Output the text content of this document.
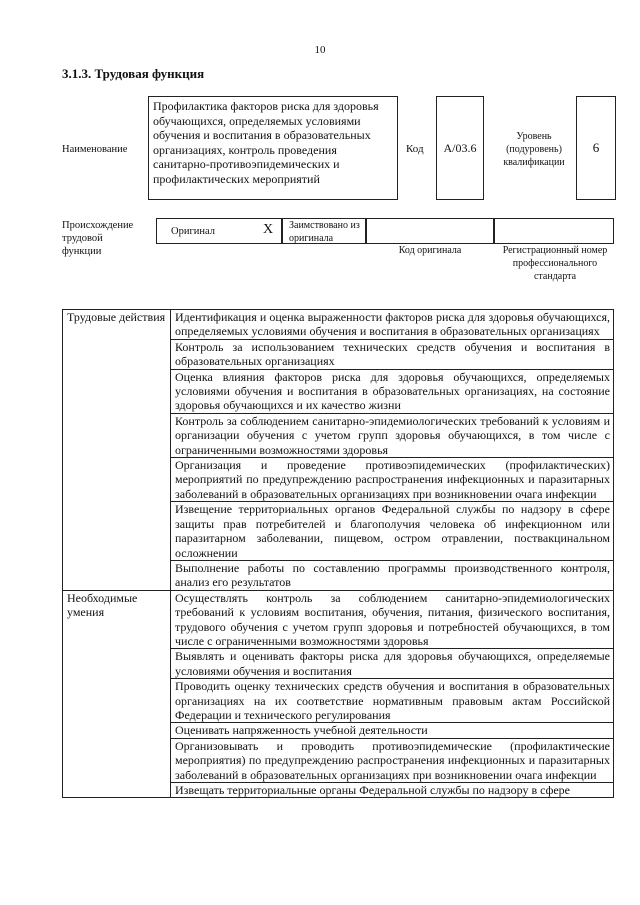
10
3.1.3. Трудовая функция
Наименование
Профилактика факторов риска для здоровья обучающихся, определяемых условиями обучения и воспитания в образовательных организациях, контроль проведения санитарно-противоэпидемических и профилактических мероприятий
Код	A/03.6
Уровень (подуровень) квалификации
6
Происхождение трудовой функции
Оригинал	X Заимствовано из оригинала
Код оригинала	Регистрационный номер профессионального стандарта
Трудовые действия	Идентификация и оценка выраженности факторов риска для здоровья обучающихся, определяемых условиями обучения и воспитания в образовательных организациях
	Контроль за использованием технических средств обучения и воспитания в образовательных организациях
	Оценка влияния факторов риска для здоровья обучающихся, определяемых условиями обучения и воспитания в образовательных организациях, на состояние здоровья обучающихся и их качество жизни
	Контроль за соблюдением санитарно-эпидемиологических требований к условиям и организации обучения с учетом групп здоровья обучающихся, в том числе с ограниченными возможностями здоровья
	Организация и проведение противоэпидемических (профилактических) мероприятий по предупреждению распространения инфекционных и паразитарных заболеваний в образовательных организациях при возникновении очага инфекции
	Извещение территориальных органов Федеральной службы по надзору в сфере защиты прав потребителей и благополучия человека об инфекционном или паразитарном заболевании, пищевом, остром отравлении, поствакцинальном осложнении
	Выполнение работы по составлению программы производственного контроля, анализ его результатов
Необходимые умения	Осуществлять контроль за соблюдением санитарно-эпидемиологических требований к условиям воспитания, обучения, питания, физического воспитания, трудового обучения с учетом групп здоровья и потребностей обучающихся, в том числе с ограниченными возможностями здоровья
	Выявлять и оценивать факторы риска для здоровья обучающихся, определяемые условиями обучения и воспитания
	Проводить оценку технических средств обучения и воспитания в образовательных организациях на их соответствие нормативным правовым актам Российской Федерации и технического регулирования
	Оценивать напряженность учебной деятельности
	Организовывать и проводить противоэпидемические (профилактические мероприятия) по предупреждению распространения инфекционных и паразитарных заболеваний в образовательных организациях при возникновении очага инфекции
	Извещать территориальные органы Федеральной службы по надзору в сфере
